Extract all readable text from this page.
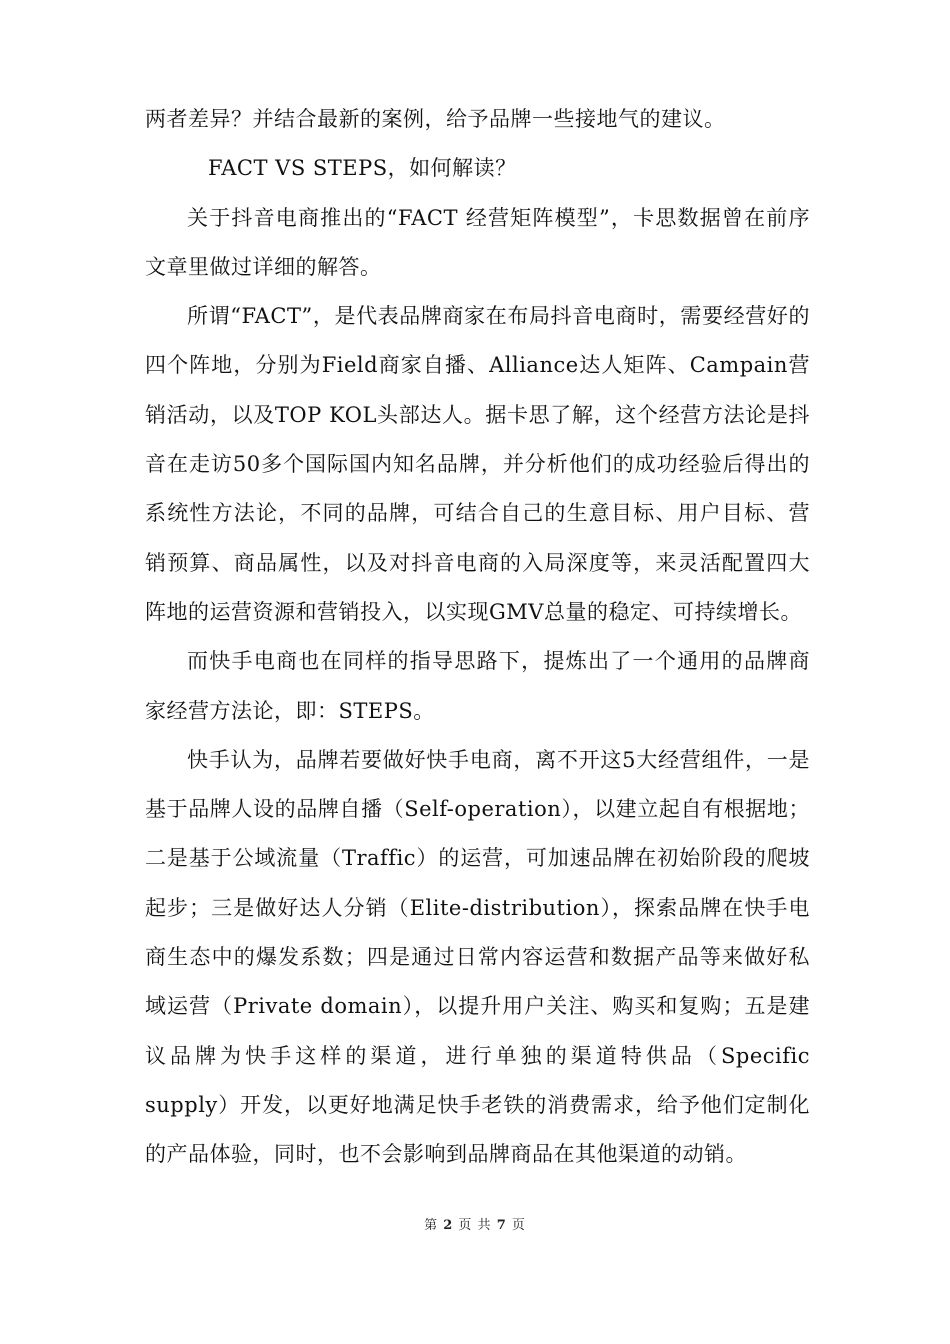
两者差异？并结合最新的案例，给予品牌一些接地气的建议。

FACT VS STEPS，如何解读？

关于抖音电商推出的“FACT 经营矩阵模型”，卡思数据曾在前序文章里做过详细的解答。

所谓“FACT”，是代表品牌商家在布局抖音电商时，需要经营好的四个阵地，分别为Field商家自播、Alliance达人矩阵、Campain营销活动，以及TOP KOL头部达人。据卡思了解，这个经营方法论是抖音在走访50多个国际国内知名品牌，并分析他们的成功经验后得出的系统性方法论，不同的品牌，可结合自己的生意目标、用户目标、营销预算、商品属性，以及对抖音电商的入局深度等，来灵活配置四大阵地的运营资源和营销投入，以实现GMV总量的稳定、可持续增长。

而快手电商也在同样的指导思路下，提炼出了一个通用的品牌商家经营方法论，即：STEPS。

快手认为，品牌若要做好快手电商，离不开这5大经营组件，一是基于品牌人设的品牌自播（Self-operation），以建立起自有根据地；二是基于公域流量（Traffic）的运营，可加速品牌在初始阶段的爬坡起步；三是做好达人分销（Elite-distribution），探索品牌在快手电商生态中的爆发系数；四是通过日常内容运营和数据产品等来做好私域运营（Private domain），以提升用户关注、购买和复购；五是建议品牌为快手这样的渠道，进行单独的渠道特供品（Specific supply）开发，以更好地满足快手老铁的消费需求，给予他们定制化的产品体验，同时，也不会影响到品牌商品在其他渠道的动销。

第 2 页 共 7 页
